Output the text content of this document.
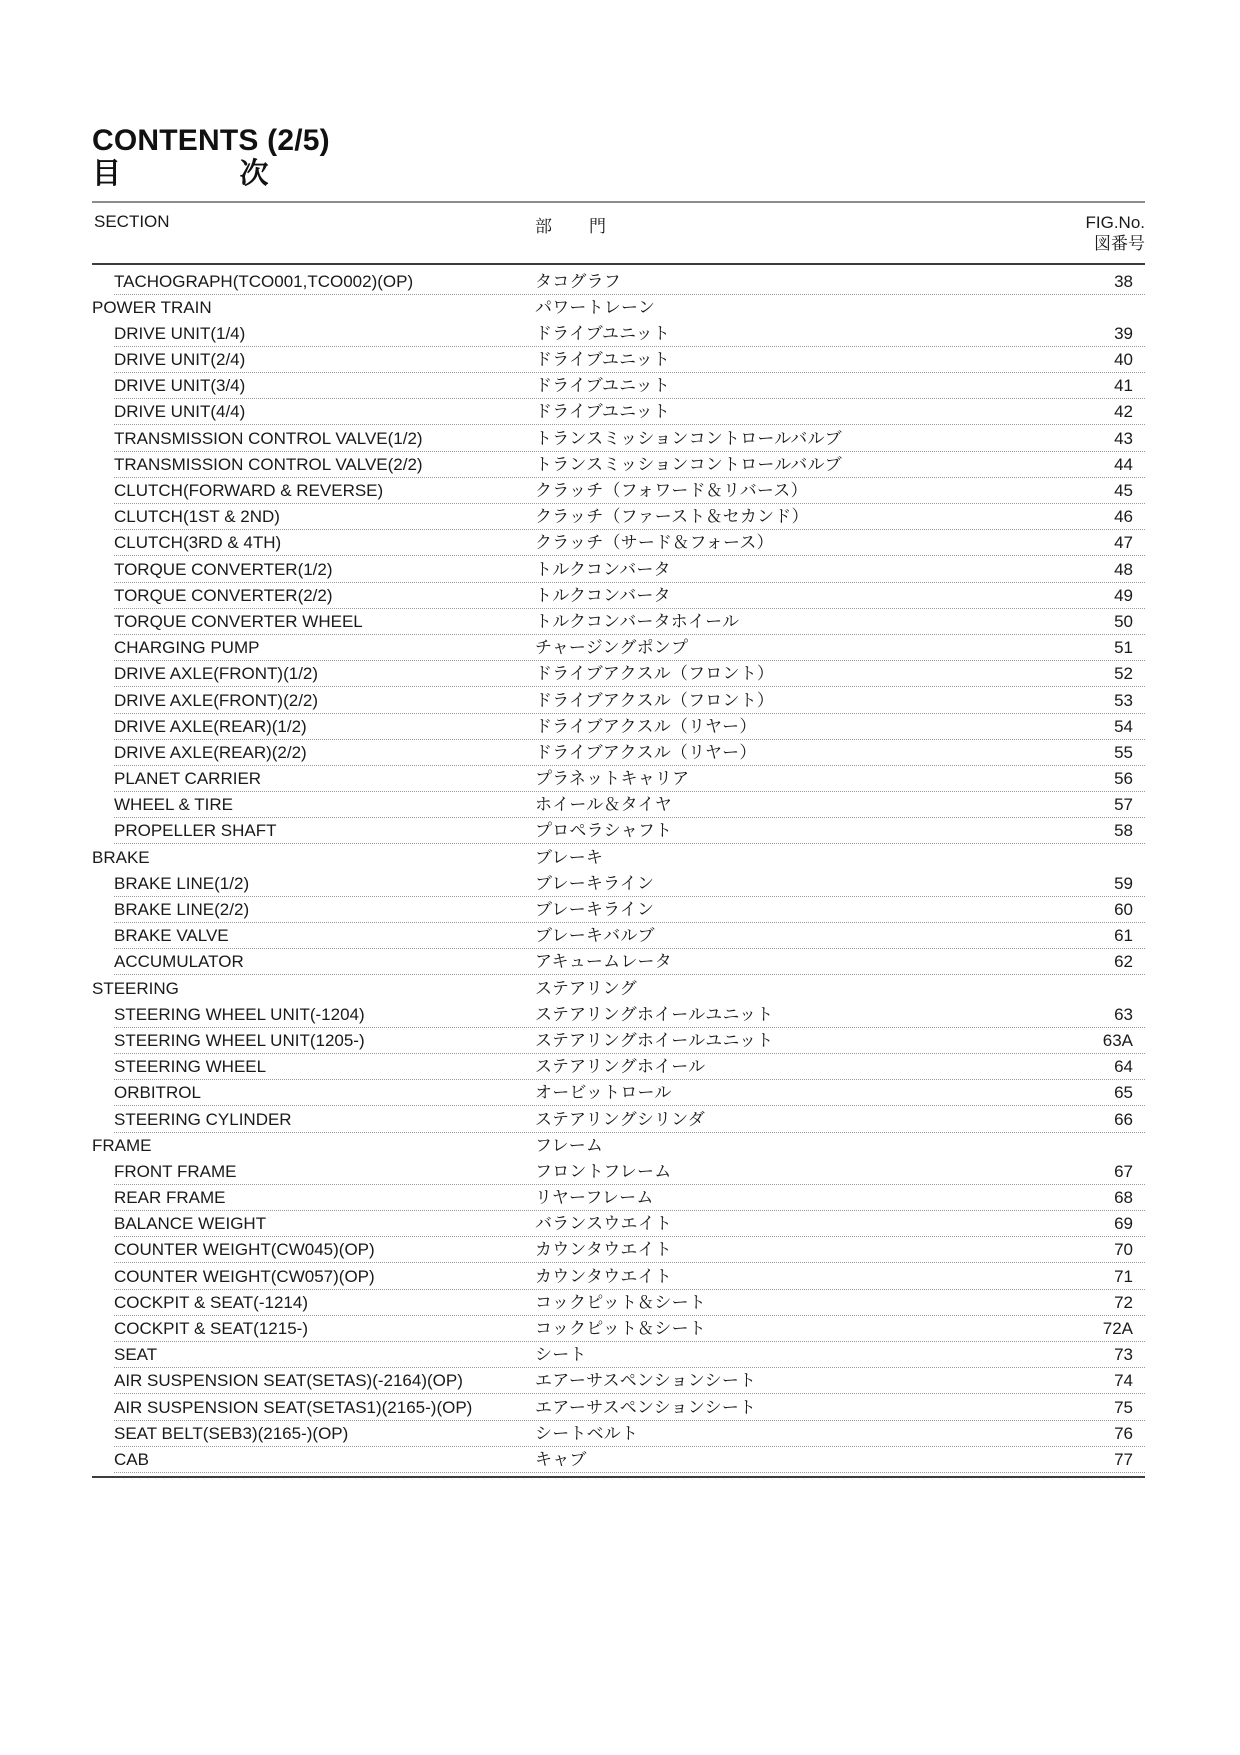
CONTENTS (2/5)
目　　　　次
SECTION	部　　門	FIG.No.
図番号
TACHOGRAPH(TCO001,TCO002)(OP)	タコグラフ	38
POWER TRAIN	パワートレーン
DRIVE UNIT(1/4)	ドライブユニット	39
DRIVE UNIT(2/4)	ドライブユニット	40
DRIVE UNIT(3/4)	ドライブユニット	41
DRIVE UNIT(4/4)	ドライブユニット	42
TRANSMISSION CONTROL VALVE(1/2)	トランスミッションコントロールバルブ	43
TRANSMISSION CONTROL VALVE(2/2)	トランスミッションコントロールバルブ	44
CLUTCH(FORWARD & REVERSE)	クラッチ（フォワード＆リバース）	45
CLUTCH(1ST & 2ND)	クラッチ（ファースト＆セカンド）	46
CLUTCH(3RD & 4TH)	クラッチ（サード＆フォース）	47
TORQUE CONVERTER(1/2)	トルクコンバータ	48
TORQUE CONVERTER(2/2)	トルクコンバータ	49
TORQUE CONVERTER WHEEL	トルクコンバータホイール	50
CHARGING PUMP	チャージングポンプ	51
DRIVE AXLE(FRONT)(1/2)	ドライブアクスル（フロント）	52
DRIVE AXLE(FRONT)(2/2)	ドライブアクスル（フロント）	53
DRIVE AXLE(REAR)(1/2)	ドライブアクスル（リヤー）	54
DRIVE AXLE(REAR)(2/2)	ドライブアクスル（リヤー）	55
PLANET CARRIER	プラネットキャリア	56
WHEEL & TIRE	ホイール＆タイヤ	57
PROPELLER SHAFT	プロペラシャフト	58
BRAKE	ブレーキ
BRAKE LINE(1/2)	ブレーキライン	59
BRAKE LINE(2/2)	ブレーキライン	60
BRAKE VALVE	ブレーキバルブ	61
ACCUMULATOR	アキュームレータ	62
STEERING	ステアリング
STEERING WHEEL UNIT(-1204)	ステアリングホイールユニット	63
STEERING WHEEL UNIT(1205-)	ステアリングホイールユニット	63A
STEERING WHEEL	ステアリングホイール	64
ORBITROL	オービットロール	65
STEERING CYLINDER	ステアリングシリンダ	66
FRAME	フレーム
FRONT FRAME	フロントフレーム	67
REAR FRAME	リヤーフレーム	68
BALANCE WEIGHT	バランスウエイト	69
COUNTER WEIGHT(CW045)(OP)	カウンタウエイト	70
COUNTER WEIGHT(CW057)(OP)	カウンタウエイト	71
COCKPIT & SEAT(-1214)	コックピット＆シート	72
COCKPIT & SEAT(1215-)	コックピット＆シート	72A
SEAT	シート	73
AIR SUSPENSION SEAT(SETAS)(-2164)(OP)	エアーサスペンションシート	74
AIR SUSPENSION SEAT(SETAS1)(2165-)(OP)	エアーサスペンションシート	75
SEAT BELT(SEB3)(2165-)(OP)	シートベルト	76
CAB	キャブ	77
